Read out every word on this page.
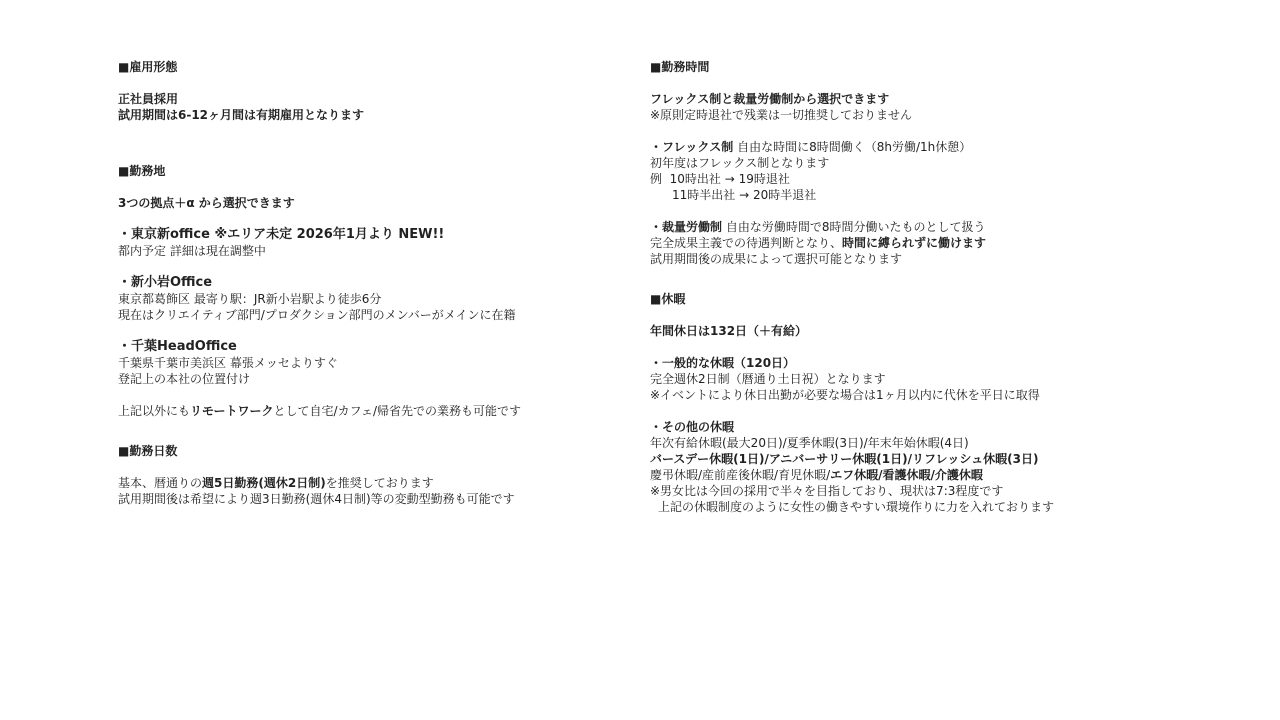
■雇用形態
正社員採用
試用期間は6-12ヶ月間は有期雇用となります
■勤務地
3つの拠点＋α から選択できます
・東京新office ※エリア未定 2026年1月より NEW!!
都内予定 詳細は現在調整中
・新小岩Office
東京都葛飾区 最寄り駅：JR新小岩駅より徒歩6分
現在はクリエイティブ部門/プロダクション部門のメンバーがメインに在籍
・千葉HeadOffice
千葉県千葉市美浜区 幕張メッセよりすぐ
登記上の本社の位置付け
上記以外にもリモートワークとして自宅/カフェ/帰省先での業務も可能です
■勤務日数
基本、暦通りの週5日勤務(週休2日制)を推奨しております
試用期間後は希望により週3日勤務(週休4日制)等の変動型勤務も可能です
■勤務時間
フレックス制と裁量労働制から選択できます
※原則定時退社で残業は一切推奨しておりません
・フレックス制 自由な時間に8時間働く（8h労働/1h休憩）
初年度はフレックス制となります
例  10時出社 → 19時退社
11時半出社 → 20時半退社
・裁量労働制 自由な労働時間で8時間分働いたものとして扱う
完全成果主義での待遇判断となり、時間に縛られずに働けます
試用期間後の成果によって選択可能となります
■休暇
年間休日は132日（＋有給）
・一般的な休暇（120日）
完全週休2日制（暦通り土日祝）となります
※イベントにより休日出勤が必要な場合は1ヶ月以内に代休を平日に取得
・その他の休暇
年次有給休暇(最大20日)/夏季休暇(3日)/年末年始休暇(4日)
バースデー休暇(1日)/アニバーサリー休暇(1日)/リフレッシュ休暇(3日)
慶弔休暇/産前産後休暇/育児休暇/エフ休暇/看護休暇/介護休暇
※男女比は今回の採用で半々を目指しており、現状は7:3程度です
上記の休暇制度のように女性の働きやすい環境作りに力を入れております
